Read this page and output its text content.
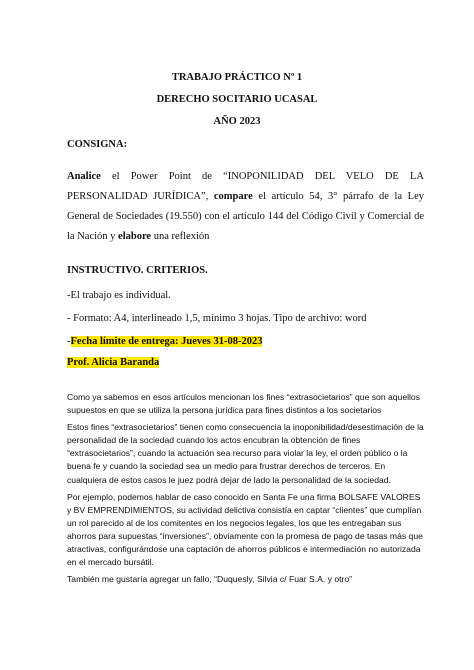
TRABAJO PRÁCTICO Nº 1
DERECHO SOCITARIO UCASAL
AÑO 2023
CONSIGNA:
Analice el Power Point de “INOPONILIDAD DEL VELO DE LA PERSONALIDAD JURÍDICA”, compare el artículo 54, 3° párrafo de la Ley General de Sociedades (19.550) con el artículo 144 del Código Civil y Comercial de la Nación y elabore una reflexión
INSTRUCTIVO. CRITERIOS.
-El trabajo es individual.
- Formato: A4, interlineado 1,5, mínimo 3 hojas. Tipo de archivo: word
-Fecha límite de entrega: Jueves 31-08-2023
Prof. Alicia Baranda

Como ya sabemos en esos artículos mencionan los fines “extrasocietarios” que son aquellos supuestos en que se utiliza la persona jurídica para fines distintos a los societarios

Estos fines “extrasocietarios” tienen como consecuencia la inoponibilidad/desestimación de la personalidad de la sociedad cuando los actos encubran la obtención de fines “extrasocietarios”, cuando la actuación sea recurso para violar la ley, el orden público o la buena fe y cuando la sociedad sea un medio para frustrar derechos de terceros. En cualquiera de estos casos le juez podrá dejar de lado la personalidad de la sociedad.

Por ejemplo, podemos hablar de caso conocido en Santa Fe una firma BOLSAFE VALORES y BV EMPRENDIMIENTOS, su actividad delictiva consistía en captar “clientes” que cumplían un rol parecido al de los comitentes en los negocios legales, los que les entregaban sus ahorros para supuestas “inversiones”, obviamente con la promesa de pago de tasas más que atractivas, configurándose una captación de ahorros públicos e intermediación no autorizada en el mercado bursátil.

También me gustaría agregar un fallo, “Duquesly, Silvia c/ Fuar S.A. y otro”
